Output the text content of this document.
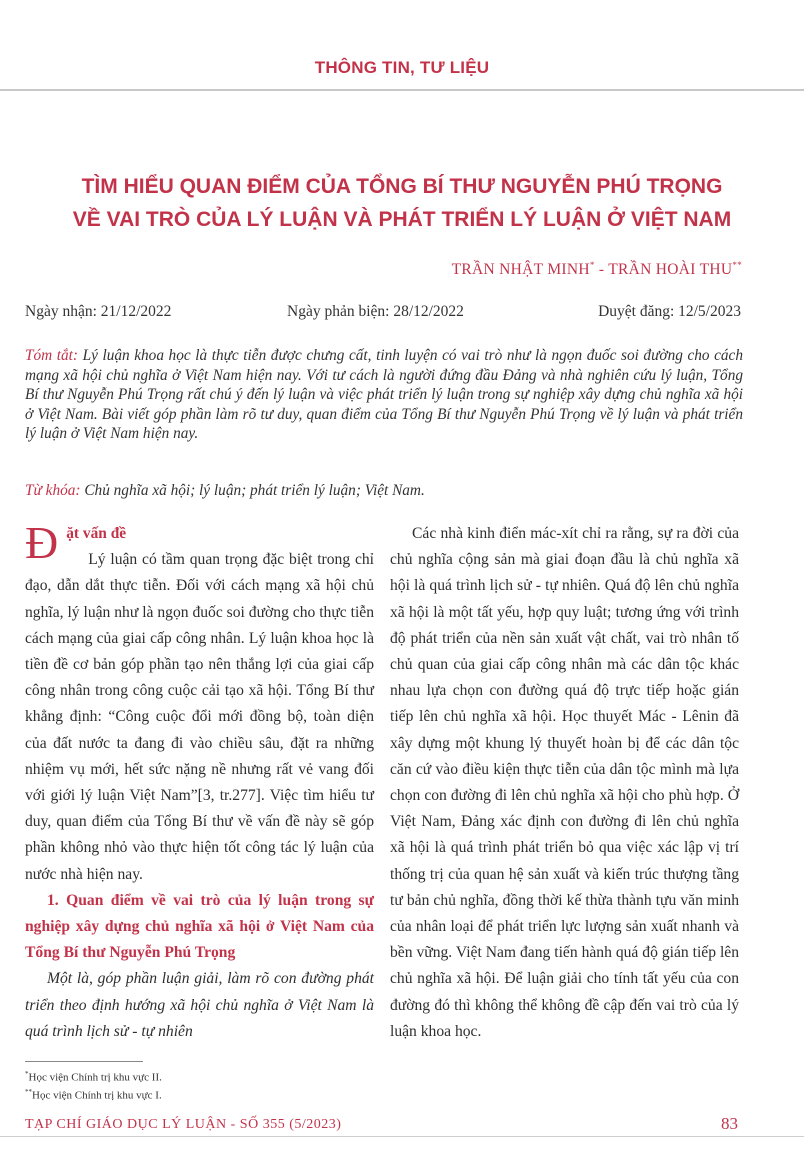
THÔNG TIN, TƯ LIỆU
TÌM HIỂU QUAN ĐIỂM CỦA TỔNG BÍ THƯ NGUYỄN PHÚ TRỌNG
VỀ VAI TRÒ CỦA LÝ LUẬN VÀ PHÁT TRIỂN LÝ LUẬN Ở VIỆT NAM
TRẦN NHẬT MINH* - TRẦN HOÀI THU**
Ngày nhận: 21/12/2022	Ngày phản biện: 28/12/2022	Duyệt đăng: 12/5/2023
Tóm tắt: Lý luận khoa học là thực tiễn được chưng cất, tinh luyện có vai trò như là ngọn đuốc soi đường cho cách mạng xã hội chủ nghĩa ở Việt Nam hiện nay. Với tư cách là người đứng đầu Đảng và nhà nghiên cứu lý luận, Tổng Bí thư Nguyễn Phú Trọng rất chú ý đến lý luận và việc phát triển lý luận trong sự nghiệp xây dựng chủ nghĩa xã hội ở Việt Nam. Bài viết góp phần làm rõ tư duy, quan điểm của Tổng Bí thư Nguyễn Phú Trọng về lý luận và phát triển lý luận ở Việt Nam hiện nay.
Từ khóa: Chủ nghĩa xã hội; lý luận; phát triển lý luận; Việt Nam.
Đ ặt vấn đề

Lý luận có tầm quan trọng đặc biệt trong chỉ đạo, dẫn dắt thực tiễn. Đối với cách mạng xã hội chủ nghĩa, lý luận như là ngọn đuốc soi đường cho thực tiễn cách mạng của giai cấp công nhân. Lý luận khoa học là tiền đề cơ bản góp phần tạo nên thắng lợi của giai cấp công nhân trong công cuộc cải tạo xã hội. Tổng Bí thư khẳng định: “Công cuộc đổi mới đồng bộ, toàn diện của đất nước ta đang đi vào chiều sâu, đặt ra những nhiệm vụ mới, hết sức nặng nề nhưng rất vẻ vang đối với giới lý luận Việt Nam”[3, tr.277]. Việc tìm hiểu tư duy, quan điểm của Tổng Bí thư về vấn đề này sẽ góp phần không nhỏ vào thực hiện tốt công tác lý luận của nước nhà hiện nay.

1. Quan điểm về vai trò của lý luận trong sự nghiệp xây dựng chủ nghĩa xã hội ở Việt Nam của Tổng Bí thư Nguyễn Phú Trọng

Một là, góp phần luận giải, làm rõ con đường phát triển theo định hướng xã hội chủ nghĩa ở Việt Nam là quá trình lịch sử - tự nhiên

Các nhà kinh điển mác-xít chỉ ra rằng, sự ra đời của chủ nghĩa cộng sản mà giai đoạn đầu là chủ nghĩa xã hội là quá trình lịch sử - tự nhiên. Quá độ lên chủ nghĩa xã hội là một tất yếu, hợp quy luật; tương ứng với trình độ phát triển của nền sản xuất vật chất, vai trò nhân tố chủ quan của giai cấp công nhân mà các dân tộc khác nhau lựa chọn con đường quá độ trực tiếp hoặc gián tiếp lên chủ nghĩa xã hội. Học thuyết Mác - Lênin đã xây dựng một khung lý thuyết hoàn bị để các dân tộc căn cứ vào điều kiện thực tiễn của dân tộc mình mà lựa chọn con đường đi lên chủ nghĩa xã hội cho phù hợp. Ở Việt Nam, Đảng xác định con đường đi lên chủ nghĩa xã hội là quá trình phát triển bỏ qua việc xác lập vị trí thống trị của quan hệ sản xuất và kiến trúc thượng tầng tư bản chủ nghĩa, đồng thời kế thừa thành tựu văn minh của nhân loại để phát triển lực lượng sản xuất nhanh và bền vững. Việt Nam đang tiến hành quá độ gián tiếp lên chủ nghĩa xã hội. Để luận giải cho tính tất yếu của con đường đó thì không thể không đề cập đến vai trò của lý luận khoa học.

*Học viện Chính trị khu vực II.
**Học viện Chính trị khu vực I.
TẠP CHÍ GIÁO DỤC LÝ LUẬN - SỐ 355 (5/2023)	83
